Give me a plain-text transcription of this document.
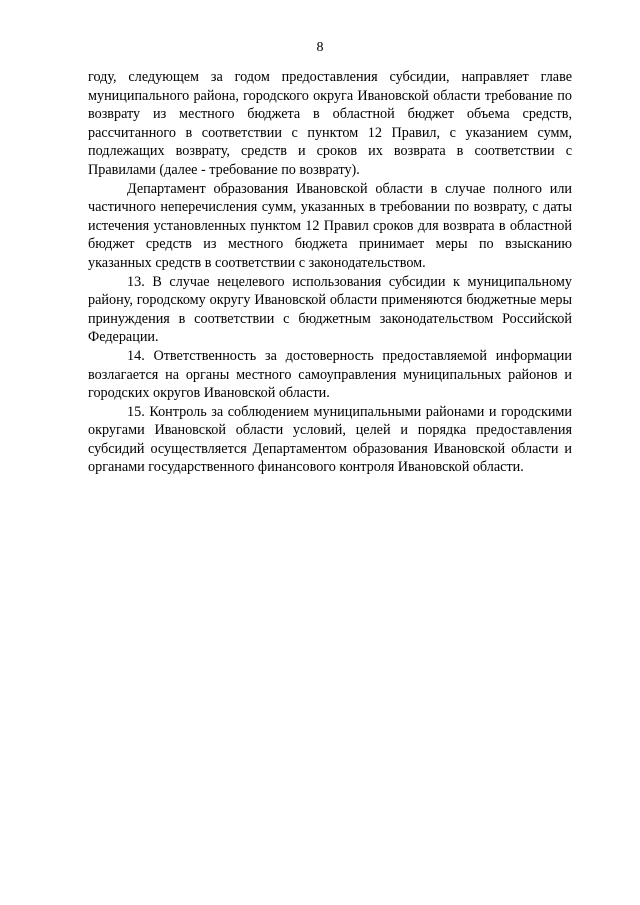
8

году, следующем за годом предоставления субсидии, направляет главе муниципального района, городского округа Ивановской области требование по возврату из местного бюджета в областной бюджет объема средств, рассчитанного в соответствии с пунктом 12 Правил, с указанием сумм, подлежащих возврату, средств и сроков их возврата в соответствии с Правилами (далее - требование по возврату).

Департамент образования Ивановской области в случае полного или частичного неперечисления сумм, указанных в требовании по возврату, с даты истечения установленных пунктом 12 Правил сроков для возврата в областной бюджет средств из местного бюджета принимает меры по взысканию указанных средств в соответствии с законодательством.

13. В случае нецелевого использования субсидии к муниципальному району, городскому округу Ивановской области применяются бюджетные меры принуждения в соответствии с бюджетным законодательством Российской Федерации.

14. Ответственность за достоверность предоставляемой информации возлагается на органы местного самоуправления муниципальных районов и городских округов Ивановской области.

15. Контроль за соблюдением муниципальными районами и городскими округами Ивановской области условий, целей и порядка предоставления субсидий осуществляется Департаментом образования Ивановской области и органами государственного финансового контроля Ивановской области.
